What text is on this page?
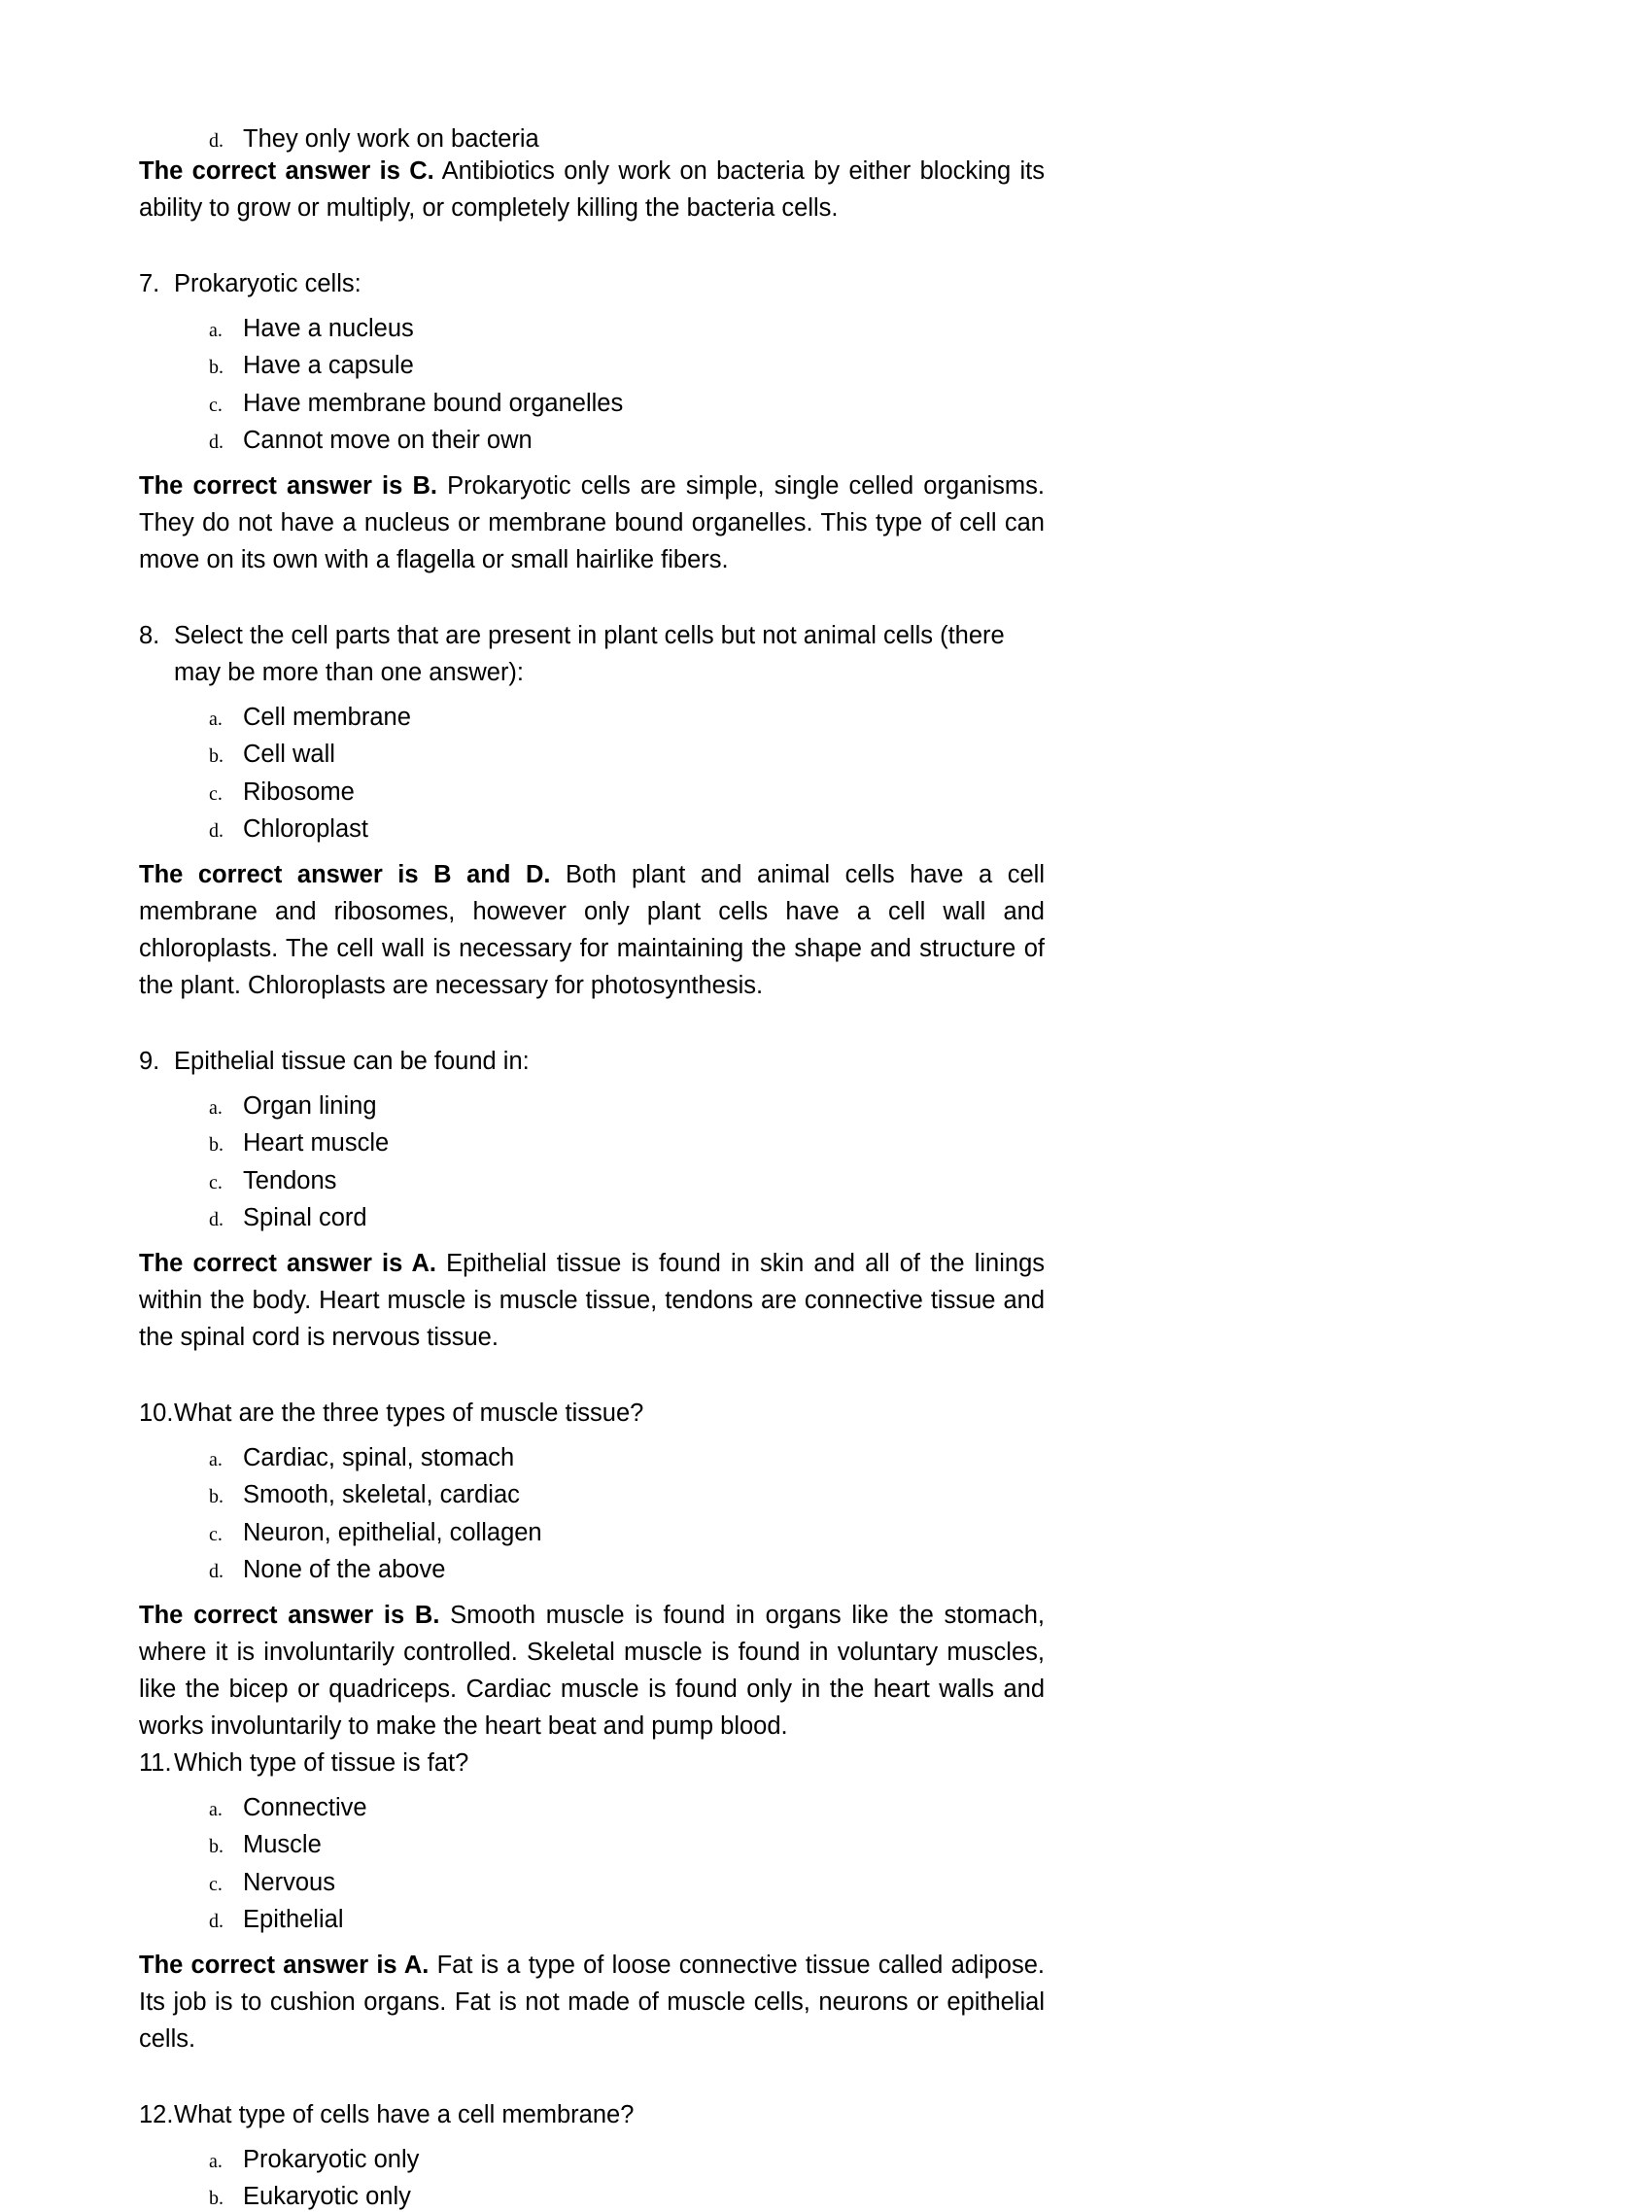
d. They only work on bacteria

The correct answer is C. Antibiotics only work on bacteria by either blocking its ability to grow or multiply, or completely killing the bacteria cells.

7. Prokaryotic cells:
a. Have a nucleus
b. Have a capsule
c. Have membrane bound organelles
d. Cannot move on their own

The correct answer is B. Prokaryotic cells are simple, single celled organisms. They do not have a nucleus or membrane bound organelles. This type of cell can move on its own with a flagella or small hairlike fibers.

8. Select the cell parts that are present in plant cells but not animal cells (there may be more than one answer):
a. Cell membrane
b. Cell wall
c. Ribosome
d. Chloroplast

The correct answer is B and D. Both plant and animal cells have a cell membrane and ribosomes, however only plant cells have a cell wall and chloroplasts. The cell wall is necessary for maintaining the shape and structure of the plant. Chloroplasts are necessary for photosynthesis.

9. Epithelial tissue can be found in:
a. Organ lining
b. Heart muscle
c. Tendons
d. Spinal cord

The correct answer is A. Epithelial tissue is found in skin and all of the linings within the body. Heart muscle is muscle tissue, tendons are connective tissue and the spinal cord is nervous tissue.

10. What are the three types of muscle tissue?
a. Cardiac, spinal, stomach
b. Smooth, skeletal, cardiac
c. Neuron, epithelial, collagen
d. None of the above

The correct answer is B. Smooth muscle is found in organs like the stomach, where it is involuntarily controlled. Skeletal muscle is found in voluntary muscles, like the bicep or quadriceps. Cardiac muscle is found only in the heart walls and works involuntarily to make the heart beat and pump blood.

11. Which type of tissue is fat?
a. Connective
b. Muscle
c. Nervous
d. Epithelial

The correct answer is A. Fat is a type of loose connective tissue called adipose. Its job is to cushion organs. Fat is not made of muscle cells, neurons or epithelial cells.

12. What type of cells have a cell membrane?
a. Prokaryotic only
b. Eukaryotic only
